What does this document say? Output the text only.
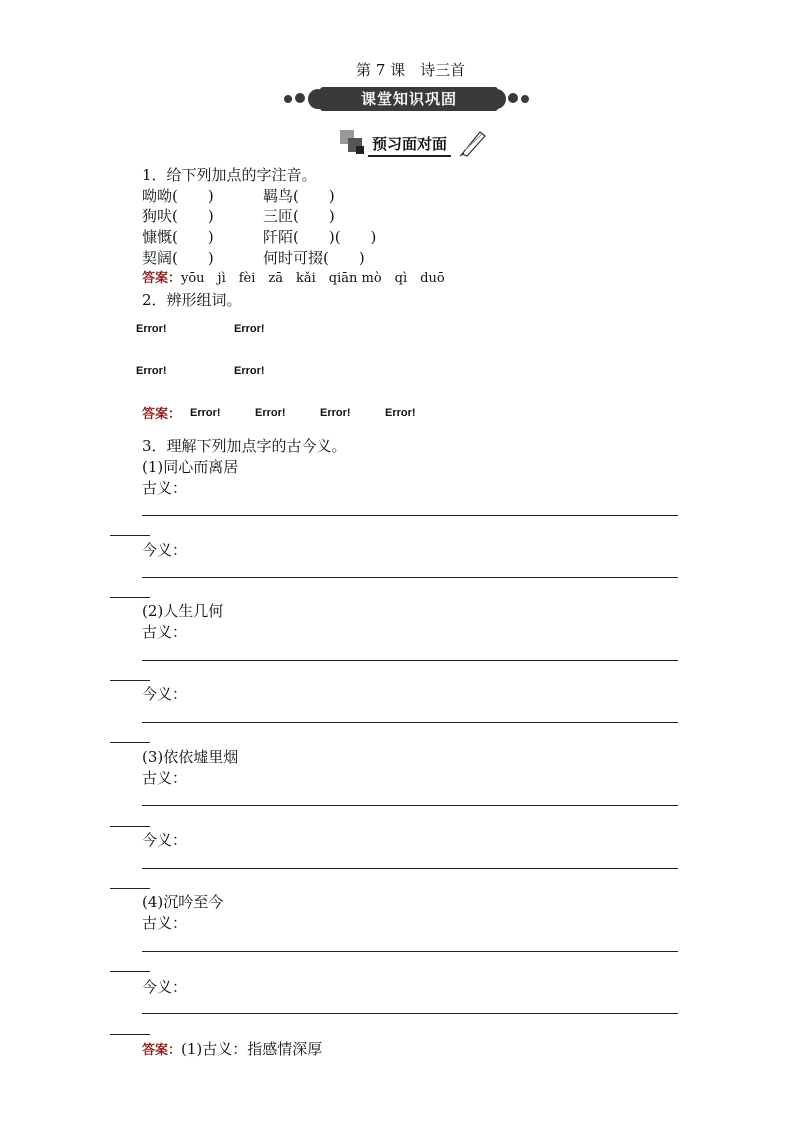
第 7 课　诗三首
课堂知识巩固
预习面对面
1．给下列加点的字注音。
呦呦(　　)	羁鸟(　　)
狗吠(　　)	三匝(　　)
慷慨(　　)	阡陌(　　)(　　)
契阔(　　)	何时可掇(　　)
答案：yōu　jì　fèi　zā　kǎi　qiān mò　qì　duō
2．辨形组词。
Error!	Error!
Error!	Error!
答案： Error!	Error!	Error!	Error!
3．理解下列加点字的古今义。
(1)同心而离居
古义：
今义：
(2)人生几何
古义：
今义：
(3)依依墟里烟
古义：
今义：
(4)沉吟至今
古义：
今义：
答案：(1)古义：指感情深厚
